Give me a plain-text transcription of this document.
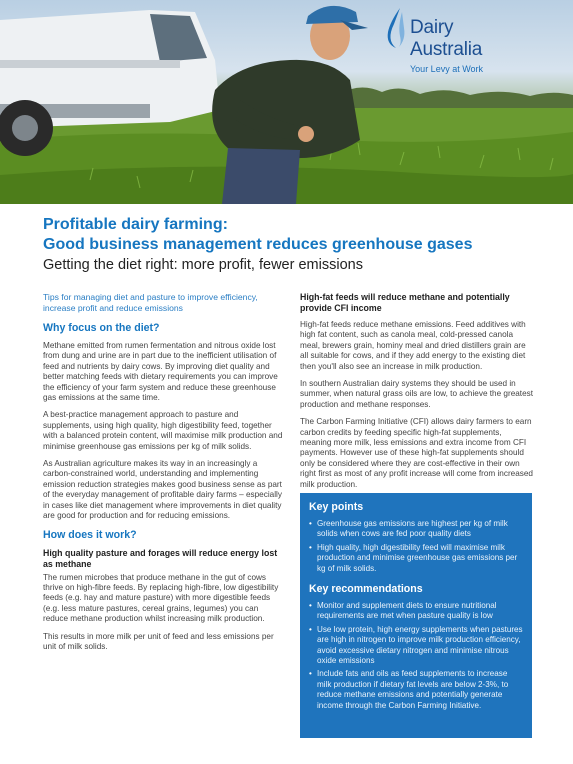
Dairy
Australia
Your Levy at Work
Profitable dairy farming:
Good business management reduces greenhouse gases
Getting the diet right: more profit, fewer emissions
Tips for managing diet and pasture to improve efficiency, increase profit and reduce emissions
Why focus on the diet?

Methane emitted from rumen fermentation and nitrous oxide lost from dung and urine are in part due to the inefficient utilisation of feed and nutrients by dairy cows. By improving diet quality and better matching feeds with dietary requirements you can improve the efficiency of your farm system and reduce these greenhouse gas emissions at the same time.

A best-practice management approach to pasture and supplements, using high quality, high digestibility feed, together with a balanced protein content, will maximise milk production and minimise greenhouse gas emissions per kg of milk solids.

As Australian agriculture makes its way in an increasingly a carbon-constrained world, understanding and implementing emission reduction strategies makes good business sense as part of the everyday management of profitable dairy farms – especially in cases like diet management where improvements in diet quality are good for production and for reducing emissions.

How does it work?
High quality pasture and forages will reduce energy lost as methane

The rumen microbes that produce methane in the gut of cows thrive on high-fibre feeds. By replacing high-fibre, low digestibility feeds (e.g. hay and mature pasture) with more digestible feeds (e.g. less mature pastures, cereal grains, legumes) you can reduce methane production whilst increasing milk production.

This results in more milk per unit of feed and less emissions per unit of milk solids.

High-fat feeds will reduce methane and potentially provide CFI income

High-fat feeds reduce methane emissions. Feed additives with high fat content, such as canola meal, cold-pressed canola meal, brewers grain, hominy meal and dried distillers grain are all suitable for cows, and if they add energy to the existing diet then you'll also see an increase in milk production.

In southern Australian dairy systems they should be used in summer, when natural grass oils are low, to achieve the greatest production and methane responses.

The Carbon Farming Initiative (CFI) allows dairy farmers to earn carbon credits by feeding specific high-fat supplements, meaning more milk, less emissions and extra income from CFI payments. However use of these high-fat supplements should only be considered where they are cost-effective in their own right first as most of any profit increase will come from increased milk production.

Key points
• Greenhouse gas emissions are highest per kg of milk solids when cows are fed poor quality diets
• High quality, high digestibility feed will maximise milk production and minimise greenhouse gas emissions per kg of milk solids.
Key recommendations
• Monitor and supplement diets to ensure nutritional requirements are met when pasture quality is low
• Use low protein, high energy supplements when pastures are high in nitrogen to improve milk production efficiency, avoid excessive dietary nitrogen and minimise nitrous oxide emissions
• Include fats and oils as feed supplements to increase milk production if dietary fat levels are below 2-3%, to reduce methane emissions and potentially generate income through the Carbon Farming Initiative.
